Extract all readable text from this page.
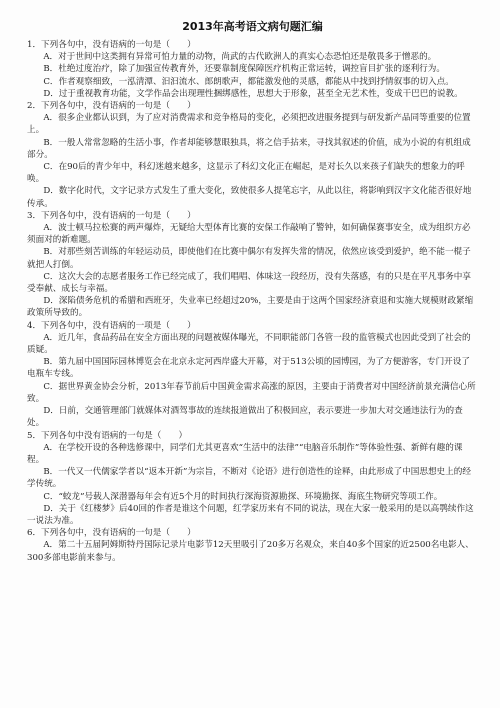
2013年高考语文病句题汇编

1．下列各句中，没有语病的一句是（　　）

A．对于世间中这类拥有异常可怕力量的动物，尚武的古代欧洲人的真实心态恐怕还是敬畏多于憎恶的。

B．杜绝过度治疗，除了加强宣传教育外，还要靠制度保障医疗机构正常运转，调控盲目扩张的逐利行为。

C．作者观察细致，一泓清潭、汩汩流水、郎朗歌声，都能激发他的灵感，都能从中找到抒情叙事的切入点。

D．过于重视教育功能，文学作品会出现理性捆绑感性，思想大于形象，甚至全无艺术性，变成干巴巴的说教。

2．下列各句中，没有语病的一句是（　　）

A．很多企业都认识到，为了应对消费需求和竞争格局的变化，必须把改进服务提到与研发新产品同等重要的位置上。

B．一般人常常忽略的生活小事，作者却能够慧眼独具，将之信手拈来，寻找其叙述的价值，成为小说的有机组成部分。

C．在90后的青少年中，科幻迷越来越多，这显示了科幻文化正在崛起，是对长久以来孩子们缺失的想象力的呼唤。

D．数字化时代，文字记录方式发生了重大变化，致使很多人提笔忘字，从此以往，将影响到汉字文化能否很好地传承。

3．下列各句中，没有语病的一句是（　　）

A．波士顿马拉松赛的两声爆炸，无疑给大型体育比赛的安保工作敲响了警钟，如何确保赛事安全，成为组织方必须面对的新难题。

B．对那些刻苦训练的年轻运动员，即使他们在比赛中偶尔有发挥失常的情况，依然应该受到爱护，绝不能一棍子就把人打倒。

C．这次大会的志愿者服务工作已经完成了，我们唱唱、体味这一段经历，没有失落感，有的只是在平凡事务中享受奉献、成长与幸福。

D．深陷债务危机的希腊和西班牙，失业率已经超过20%，主要是由于这两个国家经济衰退和实施大规模财政紧缩政策所导致的。

4．下列各句中，没有语病的一项是（　　）

A．近几年，食品药品在安全方面出现的问题被媒体曝光，不同职能部门各管一段的监管模式也因此受到了社会的质疑。

B．第九届中国国际园林博览会在北京永定河西岸盛大开幕，对于513公顷的园博园，为了方便游客，专门开设了电瓶车专线。

C．据世界黄金协会分析，2013年春节前后中国黄金需求高涨的原因，主要由于消费者对中国经济前景充满信心所致。

D．日前，交通管理部门就媒体对酒驾事故的连续报道做出了积极回应，表示要进一步加大对交通违法行为的查处。

5．下列各句中没有语病的一句是（　　）

A．在学校开设的各种选修课中，同学们尤其更喜欢“生活中的法律”“电脑音乐制作”等体验性强、新鲜有趣的课程。

B．一代又一代儒家学者以“返本开新”为宗旨，不断对《论语》进行创造性的诠释，由此形成了中国思想史上的经学传统。

C．“蛟龙”号载人深潜器每年会有近5个月的时间执行深海资源勘探、环境勘探、海底生物研究等项工作。

D．关于《红楼梦》后40回的作者是谁这个问题，红学家历来有不同的说法，现在大家一般采用的是以高鹗续作这一说法为准。

6．下列各句中，没有语病的一句是（　　）

A．第二十五届阿姆斯特丹国际记录片电影节12天里吸引了20多万名观众，来自40多个国家的近2500名电影人、300多部电影前来参与。
